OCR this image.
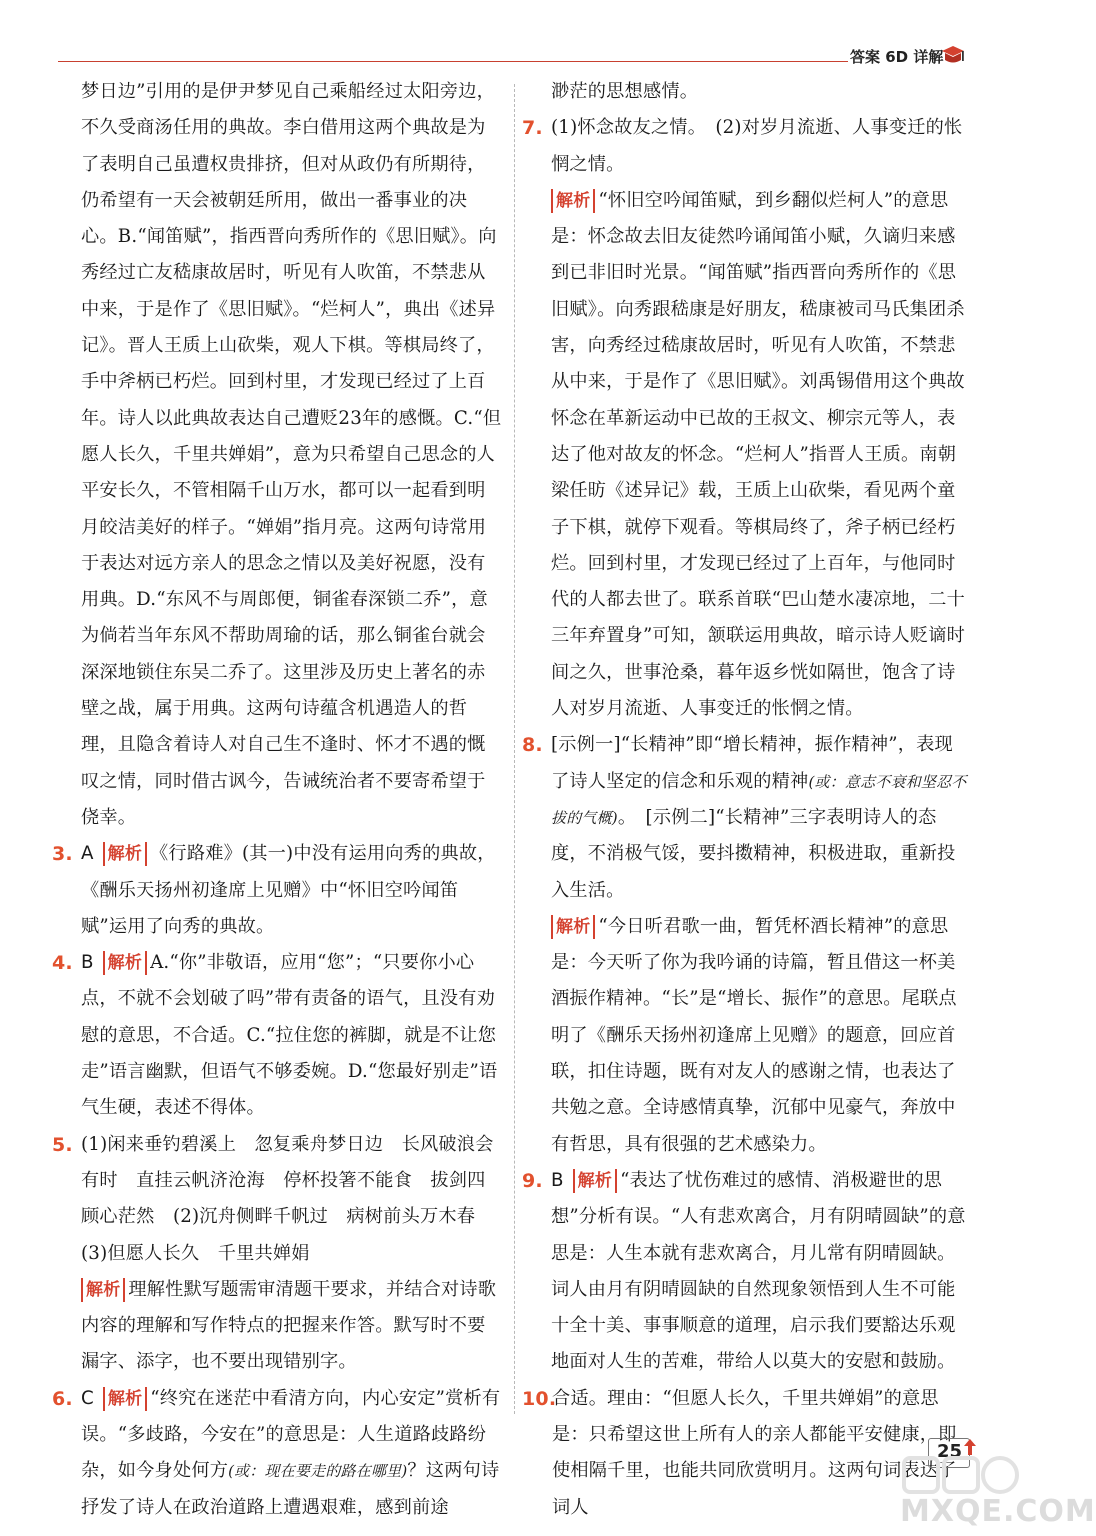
答案 6D 详解
梦日边”引用的是伊尹梦见自己乘船经过太阳旁边，不久受商汤任用的典故。李白借用这两个典故是为了表明自己虽遭权贵排挤，但对从政仍有所期待，仍希望有一天会被朝廷所用，做出一番事业的决心。B.“闻笛赋”，指西晋向秀所作的《思旧赋》。向秀经过亡友嵇康故居时，听见有人吹笛，不禁悲从中来，于是作了《思旧赋》。“烂柯人”，典出《述异记》。晋人王质上山砍柴，观人下棋。等棋局终了，手中斧柄已朽烂。回到村里，才发现已经过了上百年。诗人以此典故表达自己遭贬23年的感慨。C.“但愿人长久，千里共婵娟”，意为只希望自己思念的人平安长久，不管相隔千山万水，都可以一起看到明月皎洁美好的样子。“婵娟”指月亮。这两句诗常用于表达对远方亲人的思念之情以及美好祝愿，没有用典。D.“东风不与周郎便，铜雀春深锁二乔”，意为倘若当年东风不帮助周瑜的话，那么铜雀台就会深深地锁住东吴二乔了。这里涉及历史上著名的赤壁之战，属于用典。这两句诗蕴含机遇造人的哲理，且隐含着诗人对自己生不逢时、怀才不遇的慨叹之情，同时借古讽今，告诫统治者不要寄希望于侥幸。
3. A 解析 《行路难》(其一)中没有运用向秀的典故，《酬乐天扬州初逢席上见赠》中“怀旧空吟闻笛赋”运用了向秀的典故。
4. B 解析 A.“你”非敬语，应用“您”；“只要你小心点，不就不会划破了吗”带有责备的语气，且没有劝慰的意思，不合适。C.“拉住您的裤脚，就是不让您走”语言幽默，但语气不够委婉。D.“您最好别走”语气生硬，表述不得体。
5. (1)闲来垂钓碧溪上　忽复乘舟梦日边　长风破浪会有时　直挂云帆济沧海　停杯投箸不能食　拔剑四顾心茫然　(2)沉舟侧畔千帆过　病树前头万木春　(3)但愿人长久　千里共婵娟
解析 理解性默写题需审清题干要求，并结合对诗歌内容的理解和写作特点的把握来作答。默写时不要漏字、添字，也不要出现错别字。
6. C 解析 “终究在迷茫中看清方向，内心安定”赏析有误。“多歧路，今安在”的意思是：人生道路歧路纷杂，如今身处何方(或：现在要走的路在哪里)？这两句诗抒发了诗人在政治道路上遭遇艰难，感到前途
渺茫的思想感情。
7. (1)怀念故友之情。　(2)对岁月流逝、人事变迁的怅惘之情。
解析 “怀旧空吟闻笛赋，到乡翻似烂柯人”的意思是：怀念故去旧友徒然吟诵闻笛小赋，久谪归来感到已非旧时光景。“闻笛赋”指西晋向秀所作的《思旧赋》。向秀跟嵇康是好朋友，嵇康被司马氏集团杀害，向秀经过嵇康故居时，听见有人吹笛，不禁悲从中来，于是作了《思旧赋》。刘禹锡借用这个典故怀念在革新运动中已故的王叔文、柳宗元等人，表达了他对故友的怀念。“烂柯人”指晋人王质。南朝梁任昉《述异记》载，王质上山砍柴，看见两个童子下棋，就停下观看。等棋局终了，斧子柄已经朽烂。回到村里，才发现已经过了上百年，与他同时代的人都去世了。联系首联“巴山楚水凄凉地，二十三年弃置身”可知，颔联运用典故，暗示诗人贬谪时间之久，世事沧桑，暮年返乡恍如隔世，饱含了诗人对岁月流逝、人事变迁的怅惘之情。
8. [示例一]“长精神”即“增长精神，振作精神”，表现了诗人坚定的信念和乐观的精神(或：意志不衰和坚忍不拔的气概)。　[示例二]“长精神”三字表明诗人的态度，不消极气馁，要抖擞精神，积极进取，重新投入生活。
解析 “今日听君歌一曲，暂凭杯酒长精神”的意思是：今天听了你为我吟诵的诗篇，暂且借这一杯美酒振作精神。“长”是“增长、振作”的意思。尾联点明了《酬乐天扬州初逢席上见赠》的题意，回应首联，扣住诗题，既有对友人的感谢之情，也表达了共勉之意。全诗感情真挚，沉郁中见豪气，奔放中有哲思，具有很强的艺术感染力。
9. B 解析 “表达了忧伤难过的感情、消极避世的思想”分析有误。“人有悲欢离合，月有阴晴圆缺”的意思是：人生本就有悲欢离合，月儿常有阴晴圆缺。词人由月有阴晴圆缺的自然现象领悟到人生不可能十全十美、事事顺意的道理，启示我们要豁达乐观地面对人生的苦难，带给人以莫大的安慰和鼓励。
10.
合适。理由：“但愿人长久，千里共婵娟”的意思是：只希望这世上所有人的亲人都能平安健康，即使相隔千里，也能共同欣赏明月。这两句词表达了词人
25
MXQE.COM
